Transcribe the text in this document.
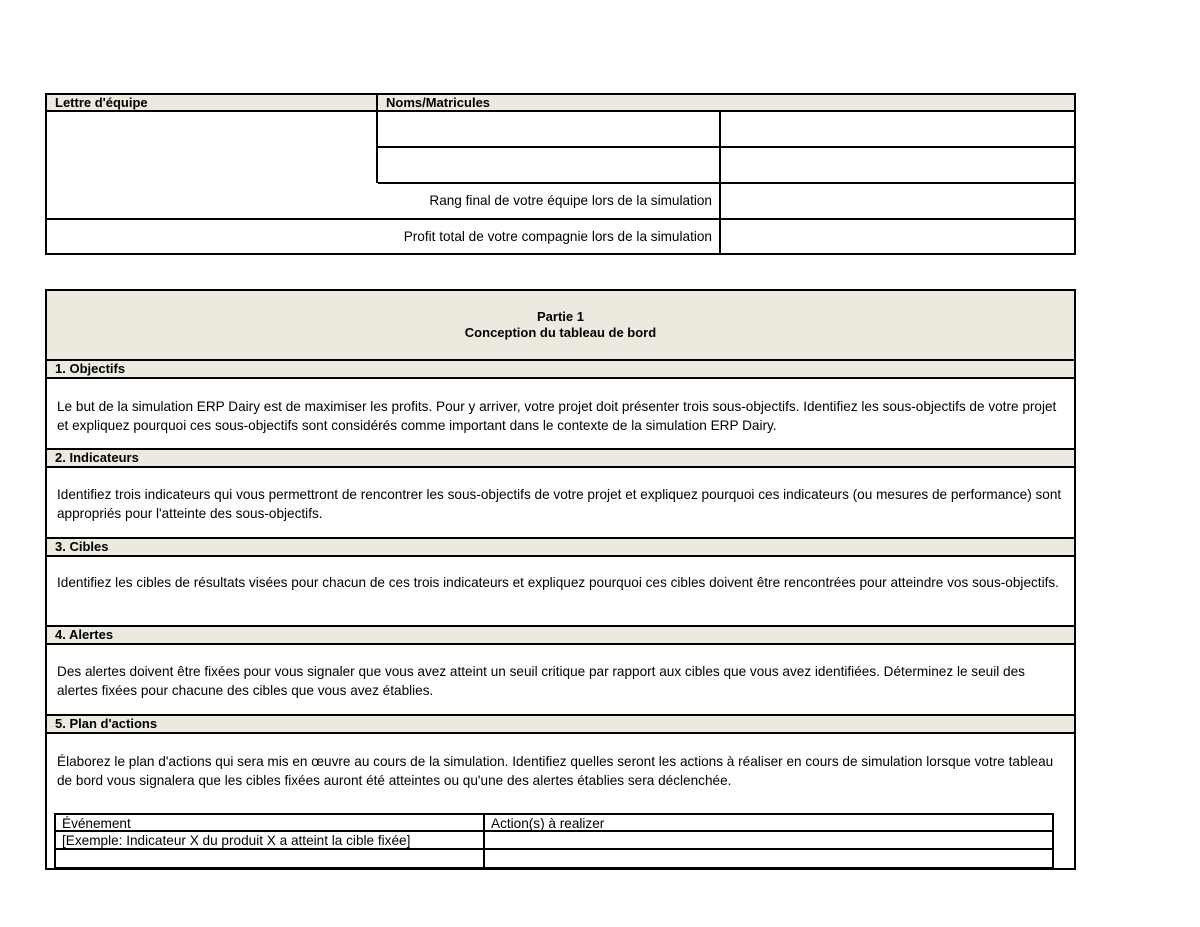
Lettre d'équipe	Noms/Matricules
Rang final de votre équipe lors de la simulation
Profit total de votre compagnie lors de la simulation
Partie 1
Conception du tableau de bord
1. Objectifs
Le but de la simulation ERP Dairy est de maximiser les profits. Pour y arriver, votre projet doit présenter trois sous-objectifs. Identifiez les sous-objectifs de votre projet et expliquez pourquoi ces sous-objectifs sont considérés comme important dans le contexte de la simulation ERP Dairy.
2. Indicateurs
Identifiez trois indicateurs qui vous permettront de rencontrer les sous-objectifs de votre projet et expliquez pourquoi ces indicateurs (ou mesures de performance) sont appropriés pour l'atteinte des sous-objectifs.
3. Cibles
Identifiez les cibles de résultats visées pour chacun de ces trois indicateurs et expliquez pourquoi ces cibles doivent être rencontrées pour atteindre vos sous-objectifs.
4. Alertes
Des alertes doivent être fixées pour vous signaler que vous avez atteint un seuil critique par rapport aux cibles que vous avez identifiées. Déterminez le seuil des alertes fixées pour chacune des cibles que vous avez établies.
5. Plan d'actions
Élaborez le plan d'actions qui sera mis en œuvre au cours de la simulation. Identifiez quelles seront les actions à réaliser en cours de simulation lorsque votre tableau de bord vous signalera que les cibles fixées auront été atteintes ou qu'une des alertes établies sera déclenchée.
Événement	Action(s) à realizer
[Exemple: Indicateur X du produit X a atteint la cible fixée]
